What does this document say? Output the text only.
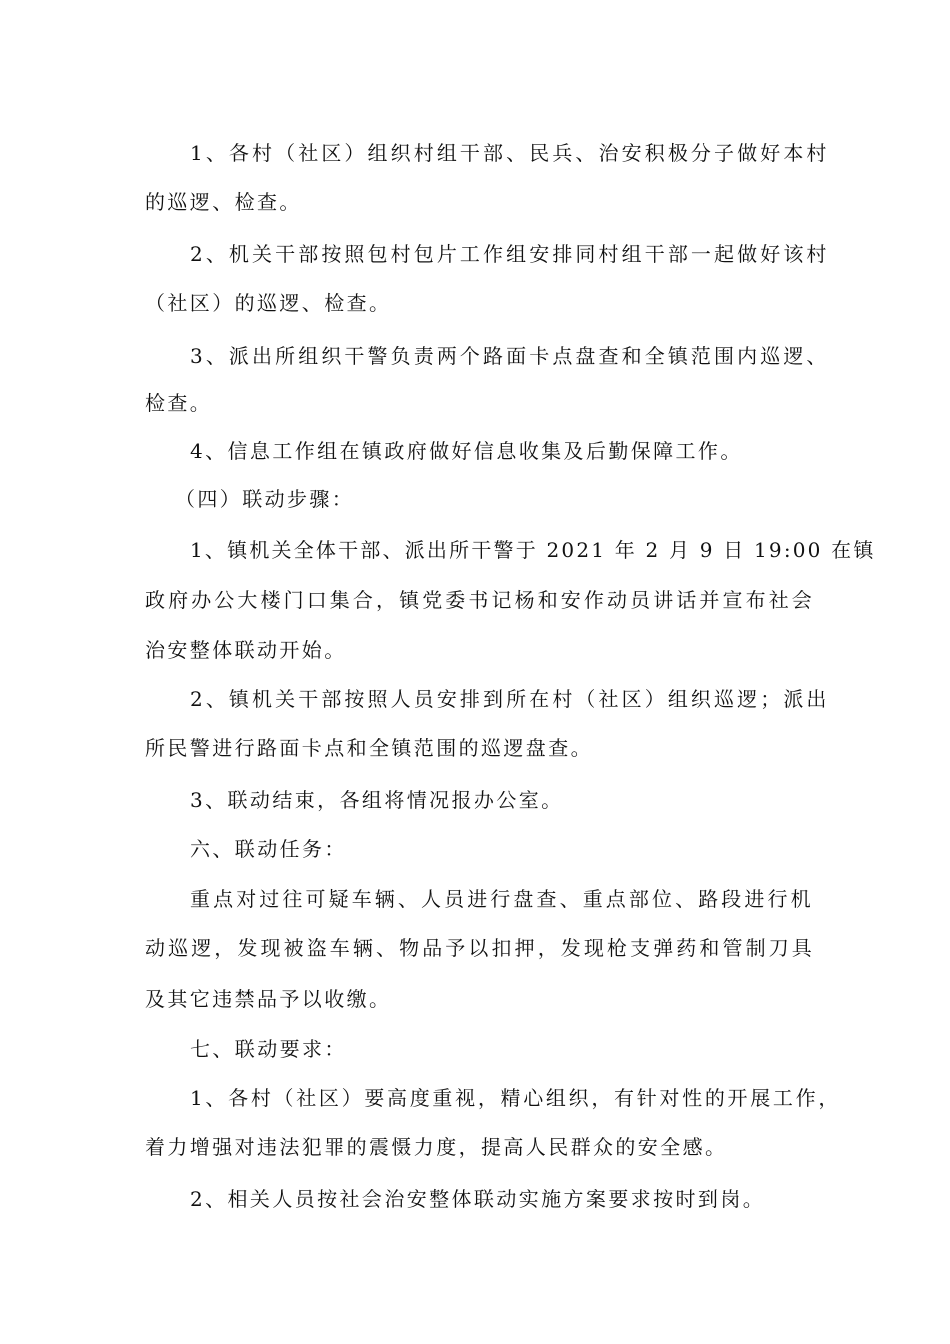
1、各村（社区）组织村组干部、民兵、治安积极分子做好本村
的巡逻、检查。
2、机关干部按照包村包片工作组安排同村组干部一起做好该村
（社区）的巡逻、检查。
3、派出所组织干警负责两个路面卡点盘查和全镇范围内巡逻、
检查。
4、信息工作组在镇政府做好信息收集及后勤保障工作。
（四）联动步骤：
1、镇机关全体干部、派出所干警于 2021 年 2 月 9 日 19:00 在镇
政府办公大楼门口集合，镇党委书记杨和安作动员讲话并宣布社会
治安整体联动开始。
2、镇机关干部按照人员安排到所在村（社区）组织巡逻；派出
所民警进行路面卡点和全镇范围的巡逻盘查。
3、联动结束，各组将情况报办公室。
六、联动任务：
重点对过往可疑车辆、人员进行盘查、重点部位、路段进行机
动巡逻，发现被盗车辆、物品予以扣押，发现枪支弹药和管制刀具
及其它违禁品予以收缴。
七、联动要求：
1、各村（社区）要高度重视，精心组织，有针对性的开展工作，
着力增强对违法犯罪的震慑力度，提高人民群众的安全感。
2、相关人员按社会治安整体联动实施方案要求按时到岗。
